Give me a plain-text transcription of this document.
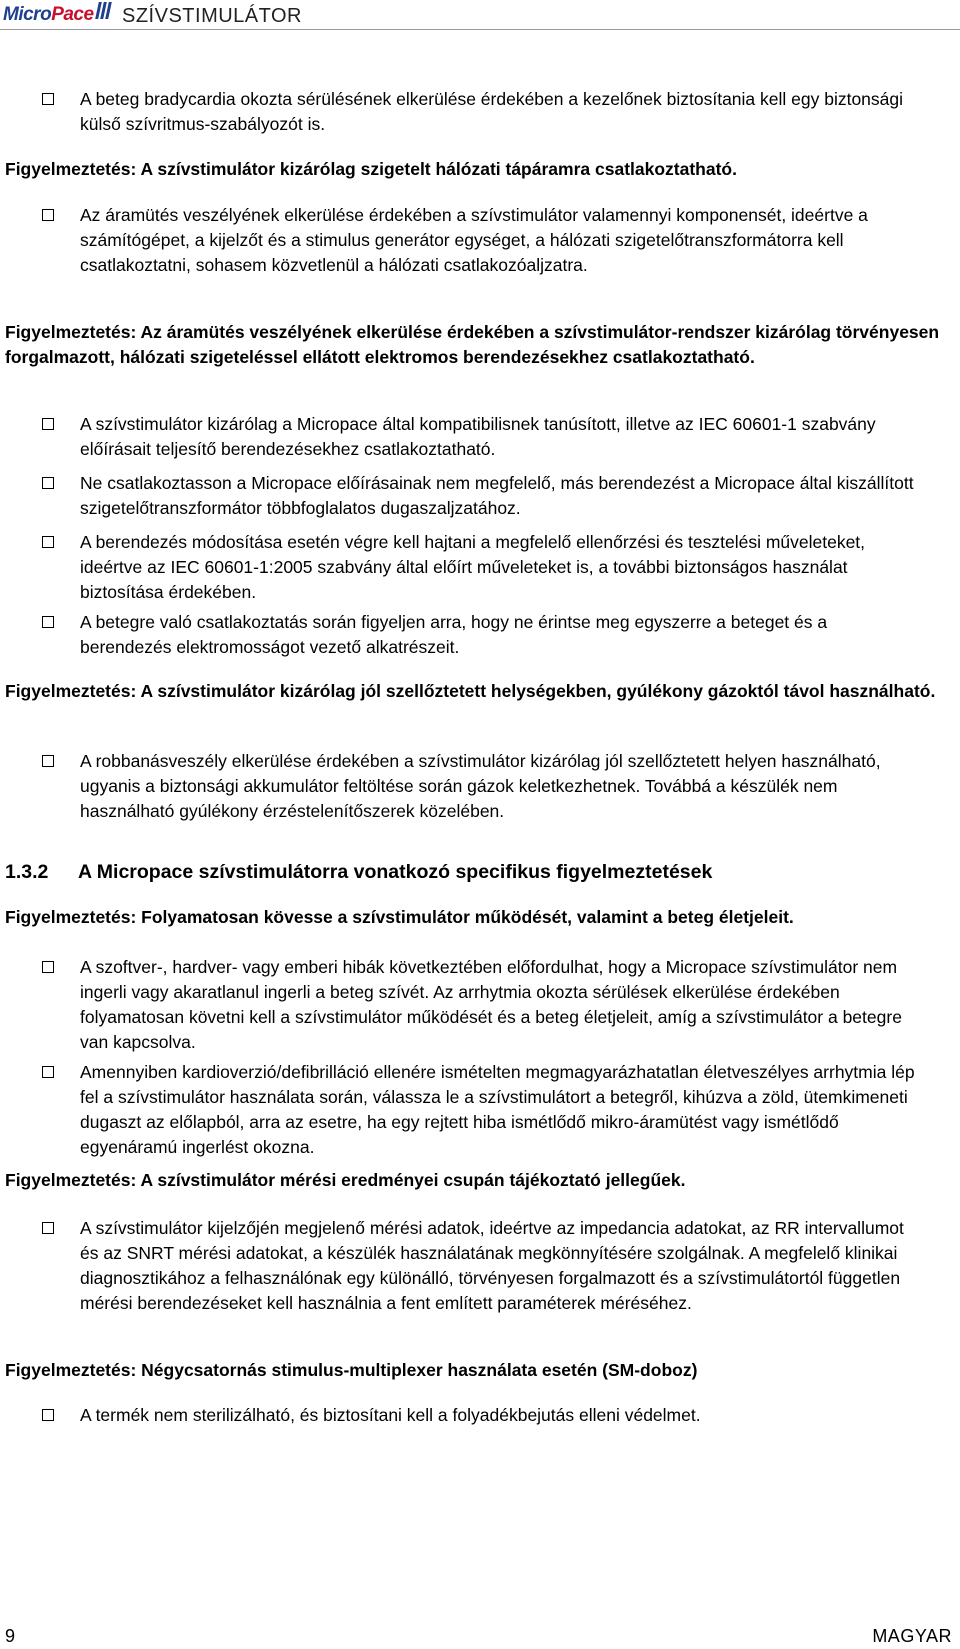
Micro Pace SZÍVSTIMULÁTOR
A beteg bradycardia okozta sérülésének elkerülése érdekében a kezelőnek biztosítania kell egy biztonsági külső szívritmus-szabályozót is.
Figyelmeztetés: A szívstimulátor kizárólag szigetelt hálózati tápáramra csatlakoztatható.
Az áramütés veszélyének elkerülése érdekében a szívstimulátor valamennyi komponensét, ideértve a számítógépet, a kijelzőt és a stimulus generátor egységet, a hálózati szigetelőtranszformátorra kell csatlakoztatni, sohasem közvetlenül a hálózati csatlakozóaljzatra.
Figyelmeztetés: Az áramütés veszélyének elkerülése érdekében a szívstimulátor-rendszer kizárólag törvényesen forgalmazott, hálózati szigeteléssel ellátott elektromos berendezésekhez csatlakoztatható.
A szívstimulátor kizárólag a Micropace által kompatibilisnek tanúsított, illetve az IEC 60601-1 szabvány előírásait teljesítő berendezésekhez csatlakoztatható.
Ne csatlakoztasson a Micropace előírásainak nem megfelelő, más berendezést a Micropace által kiszállított szigetelőtranszformátor többfoglalatos dugaszaljzatához.
A berendezés módosítása esetén végre kell hajtani a megfelelő ellenőrzési és tesztelési műveleteket, ideértve az IEC 60601-1:2005 szabvány által előírt műveleteket is, a további biztonságos használat biztosítása érdekében.
A betegre való csatlakoztatás során figyeljen arra, hogy ne érintse meg egyszerre a beteget és a berendezés elektromosságot vezető alkatrészeit.
Figyelmeztetés: A szívstimulátor kizárólag jól szellőztetett helységekben, gyúlékony gázoktól távol használható.
A robbanásveszély elkerülése érdekében a szívstimulátor kizárólag jól szellőztetett helyen használható, ugyanis a biztonsági akkumulátor feltöltése során gázok keletkezhetnek. Továbbá a készülék nem használható gyúlékony érzéstelenítőszerek közelében.
1.3.2 A Micropace szívstimulátorra vonatkozó specifikus figyelmeztetések
Figyelmeztetés: Folyamatosan kövesse a szívstimulátor működését, valamint a beteg életjeleit.
A szoftver-, hardver- vagy emberi hibák következtében előfordulhat, hogy a Micropace szívstimulátor nem ingerli vagy akaratlanul ingerli a beteg szívét. Az arrhytmia okozta sérülések elkerülése érdekében folyamatosan követni kell a szívstimulátor működését és a beteg életjeleit, amíg a szívstimulátor a betegre van kapcsolva.
Amennyiben kardioverzió/defibrilláció ellenére ismételten megmagyarázhatatlan életveszélyes arrhytmia lép fel a szívstimulátor használata során, válassza le a szívstimulátort a betegről, kihúzva a zöld, ütemkimeneti dugaszt az előlapból, arra az esetre, ha egy rejtett hiba ismétlődő mikro-áramütést vagy ismétlődő egyenáramú ingerlést okozna.
Figyelmeztetés: A szívstimulátor mérési eredményei csupán tájékoztató jellegűek.
A szívstimulátor kijelzőjén megjelenő mérési adatok, ideértve az impedancia adatokat, az RR intervallumot és az SNRT mérési adatokat, a készülék használatának megkönnyítésére szolgálnak. A megfelelő klinikai diagnosztikához a felhasználónak egy különálló, törvényesen forgalmazott és a szívstimulátortól független mérési berendezéseket kell használnia a fent említett paraméterek méréséhez.
Figyelmeztetés: Négycsatornás stimulus-multiplexer használata esetén (SM-doboz)
A termék nem sterilizálható, és biztosítani kell a folyadékbejutás elleni védelmet.
9	MAGYAR
